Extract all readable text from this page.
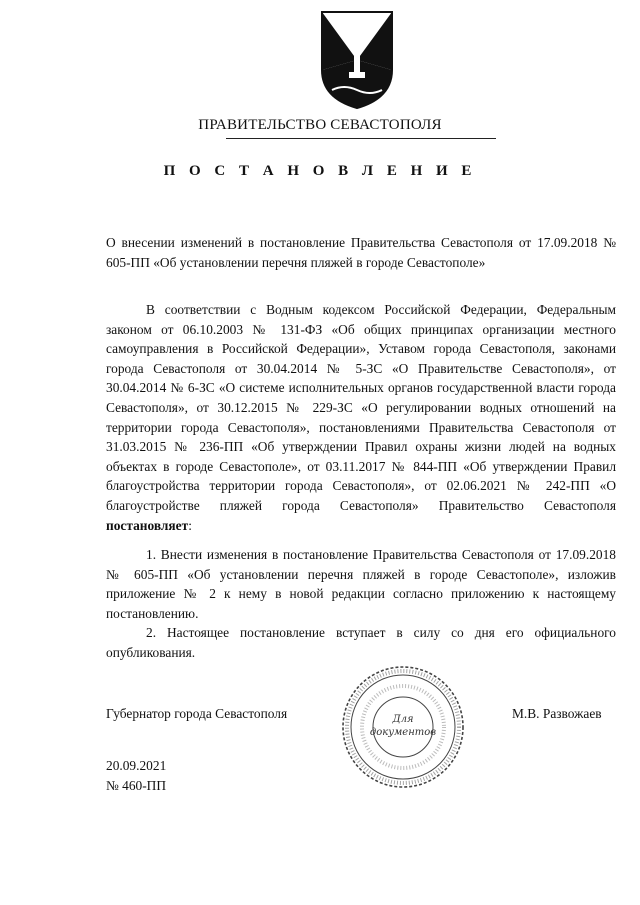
ПРАВИТЕЛЬСТВО СЕВАСТОПОЛЯ
П О С Т А Н О В Л Е Н И Е

О внесении изменений в постановление Правительства Севастополя от 17.09.2018 № 605-ПП «Об установлении перечня пляжей в городе Севастополе»

В соответствии с Водным кодексом Российской Федерации, Федеральным законом от 06.10.2003 № 131-ФЗ «Об общих принципах организации местного самоуправления в Российской Федерации», Уставом города Севастополя, законами города Севастополя от 30.04.2014 № 5-ЗС «О Правительстве Севастополя», от 30.04.2014 № 6-ЗС «О системе исполнительных органов государственной власти города Севастополя», от 30.12.2015 № 229-ЗС «О регулировании водных отношений на территории города Севастополя», постановлениями Правительства Севастополя от 31.03.2015 № 236-ПП «Об утверждении Правил охраны жизни людей на водных объектах в городе Севастополе», от 03.11.2017 № 844-ПП «Об утверждении Правил благоустройства территории города Севастополя», от 02.06.2021 № 242-ПП «О благоустройстве пляжей города Севастополя» Правительство Севастополя постановляет:

1. Внести изменения в постановление Правительства Севастополя от 17.09.2018 № 605-ПП «Об установлении перечня пляжей в городе Севастополе», изложив приложение № 2 к нему в новой редакции согласно приложению к настоящему постановлению.

2. Настоящее постановление вступает в силу со дня его официального опубликования.

Губернатор города Севастополя	Для
документов
М.В. Развожаев
20.09.2021
№ 460-ПП
